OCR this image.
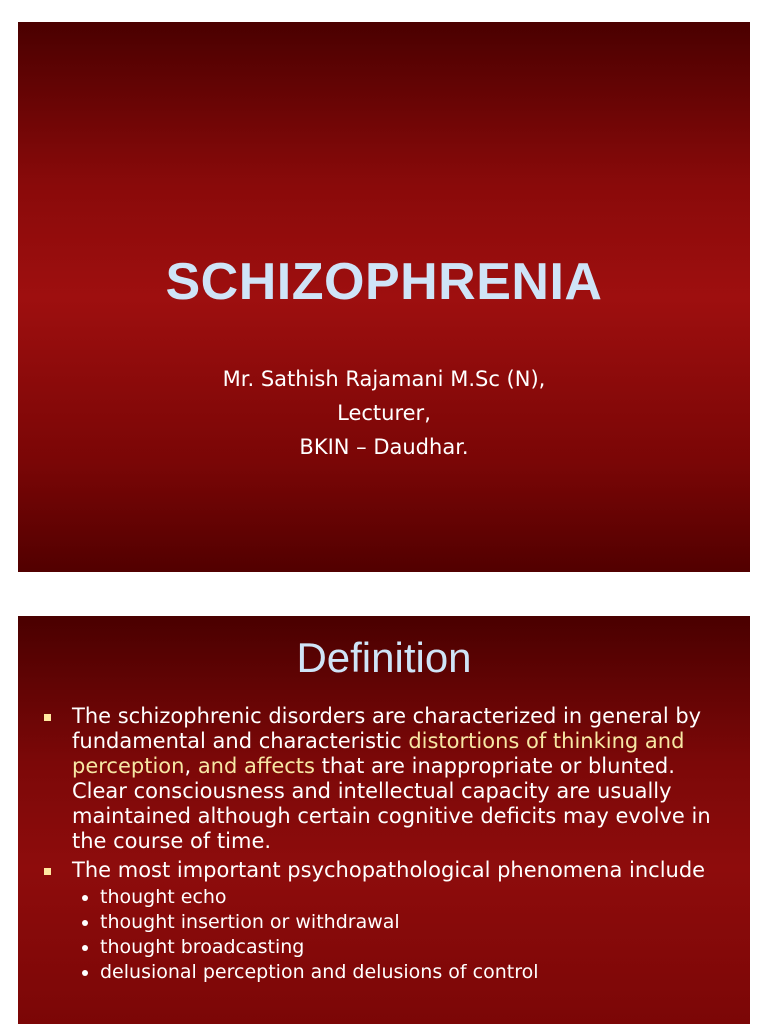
SCHIZOPHRENIA
Mr. Sathish Rajamani M.Sc (N),
Lecturer,
BKIN – Daudhar.
Definition
The schizophrenic disorders are characterized in general by fundamental and characteristic distortions of thinking and perception, and affects that are inappropriate or blunted. Clear consciousness and intellectual capacity are usually maintained although certain cognitive deficits may evolve in the course of time.
The most important psychopathological phenomena include
thought echo
thought insertion or withdrawal
thought broadcasting
delusional perception and delusions of control
